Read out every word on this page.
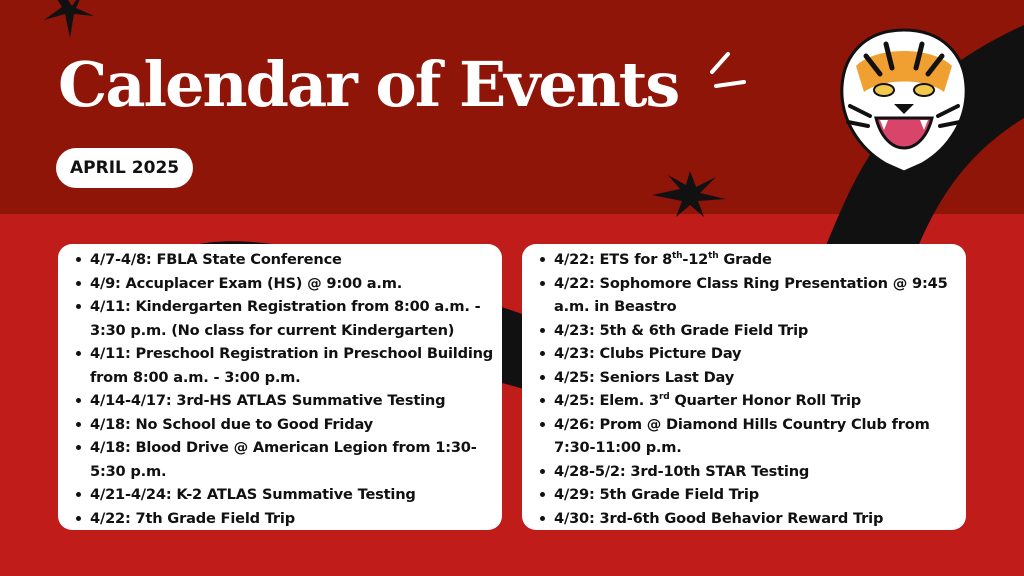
Calendar of Events
APRIL 2025
4/7-4/8: FBLA State Conference
4/9: Accuplacer Exam (HS) @ 9:00 a.m.
4/11: Kindergarten Registration from 8:00 a.m. - 3:30 p.m. (No class for current Kindergarten)
4/11: Preschool Registration in Preschool Building from 8:00 a.m. - 3:00 p.m.
4/14-4/17: 3rd-HS ATLAS Summative Testing
4/18: No School due to Good Friday
4/18: Blood Drive @ American Legion from 1:30-5:30 p.m.
4/21-4/24: K-2 ATLAS Summative Testing
4/22: 7th Grade Field Trip
4/22: ETS for 8th-12th Grade
4/22: Sophomore Class Ring Presentation @ 9:45 a.m. in Beastro
4/23: 5th & 6th Grade Field Trip
4/23: Clubs Picture Day
4/25: Seniors Last Day
4/25: Elem. 3rd Quarter Honor Roll Trip
4/26: Prom @ Diamond Hills Country Club from 7:30-11:00 p.m.
4/28-5/2: 3rd-10th STAR Testing
4/29: 5th Grade Field Trip
4/30: 3rd-6th Good Behavior Reward Trip
